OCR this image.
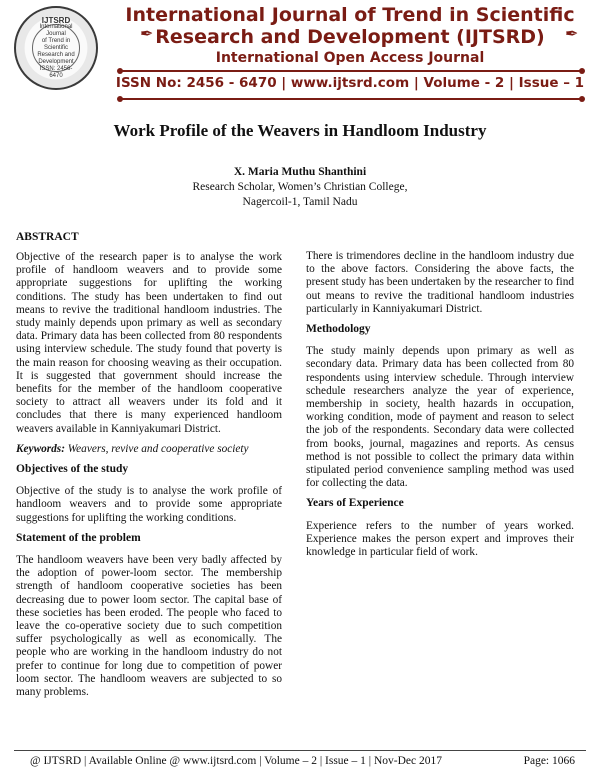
IJTSRD
International Journal
of Trend in Scientific
Research and
Development
ISSN: 2456-6470
✒
International Journal of Trend in Scientific
Research and Development (IJTSRD)	✒
International Open Access Journal
ISSN No: 2456 - 6470 | www.ijtsrd.com | Volume - 2 | Issue – 1
Work Profile of the Weavers in Handloom Industry
X. Maria Muthu Shanthini
Research Scholar, Women’s Christian College,
Nagercoil-1, Tamil Nadu
ABSTRACT

Objective of the research paper is to analyse the work profile of handloom weavers and to provide some appropriate suggestions for uplifting the working conditions. The study has been undertaken to find out means to revive the traditional handloom industries. The study mainly depends upon primary as well as secondary data. Primary data has been collected from 80 respondents using interview schedule. The study found that poverty is the main reason for choosing weaving as their occupation. It is suggested that government should increase the benefits for the member of the handloom cooperative society to attract all weavers under its fold and it concludes that there is many experienced handloom weavers available in Kanniyakumari District.

Keywords: Weavers, revive and cooperative society

Objectives of the study

Objective of the study is to analyse the work profile of handloom weavers and to provide some appropriate suggestions for uplifting the working conditions.

Statement of the problem

The handloom weavers have been very badly affected by the adoption of power-loom sector. The membership strength of handloom cooperative societies has been decreasing due to power loom sector. The capital base of these societies has been eroded. The people who faced to leave the co-operative society due to such competition suffer psychologically as well as economically. The people who are working in the handloom industry do not prefer to continue for long due to competition of power loom sector. The handloom weavers are subjected to so many problems.

There is trimendores decline in the handloom industry due to the above factors. Considering the above facts, the present study has been undertaken by the researcher to find out means to revive the traditional handloom industries particularly in Kanniyakumari District.

Methodology

The study mainly depends upon primary as well as secondary data. Primary data has been collected from 80 respondents using interview schedule. Through interview schedule researchers analyze the year of experience, membership in society, health hazards in occupation, working condition, mode of payment and reason to select the job of the respondents. Secondary data were collected from books, journal, magazines and reports. As census method is not possible to collect the primary data within stipulated period convenience sampling method was used for collecting the data.

Years of Experience

Experience refers to the number of years worked. Experience makes the person expert and improves their knowledge in particular field of work.

@ IJTSRD | Available Online @ www.ijtsrd.com | Volume – 2 | Issue – 1 | Nov-Dec 2017	Page: 1066
